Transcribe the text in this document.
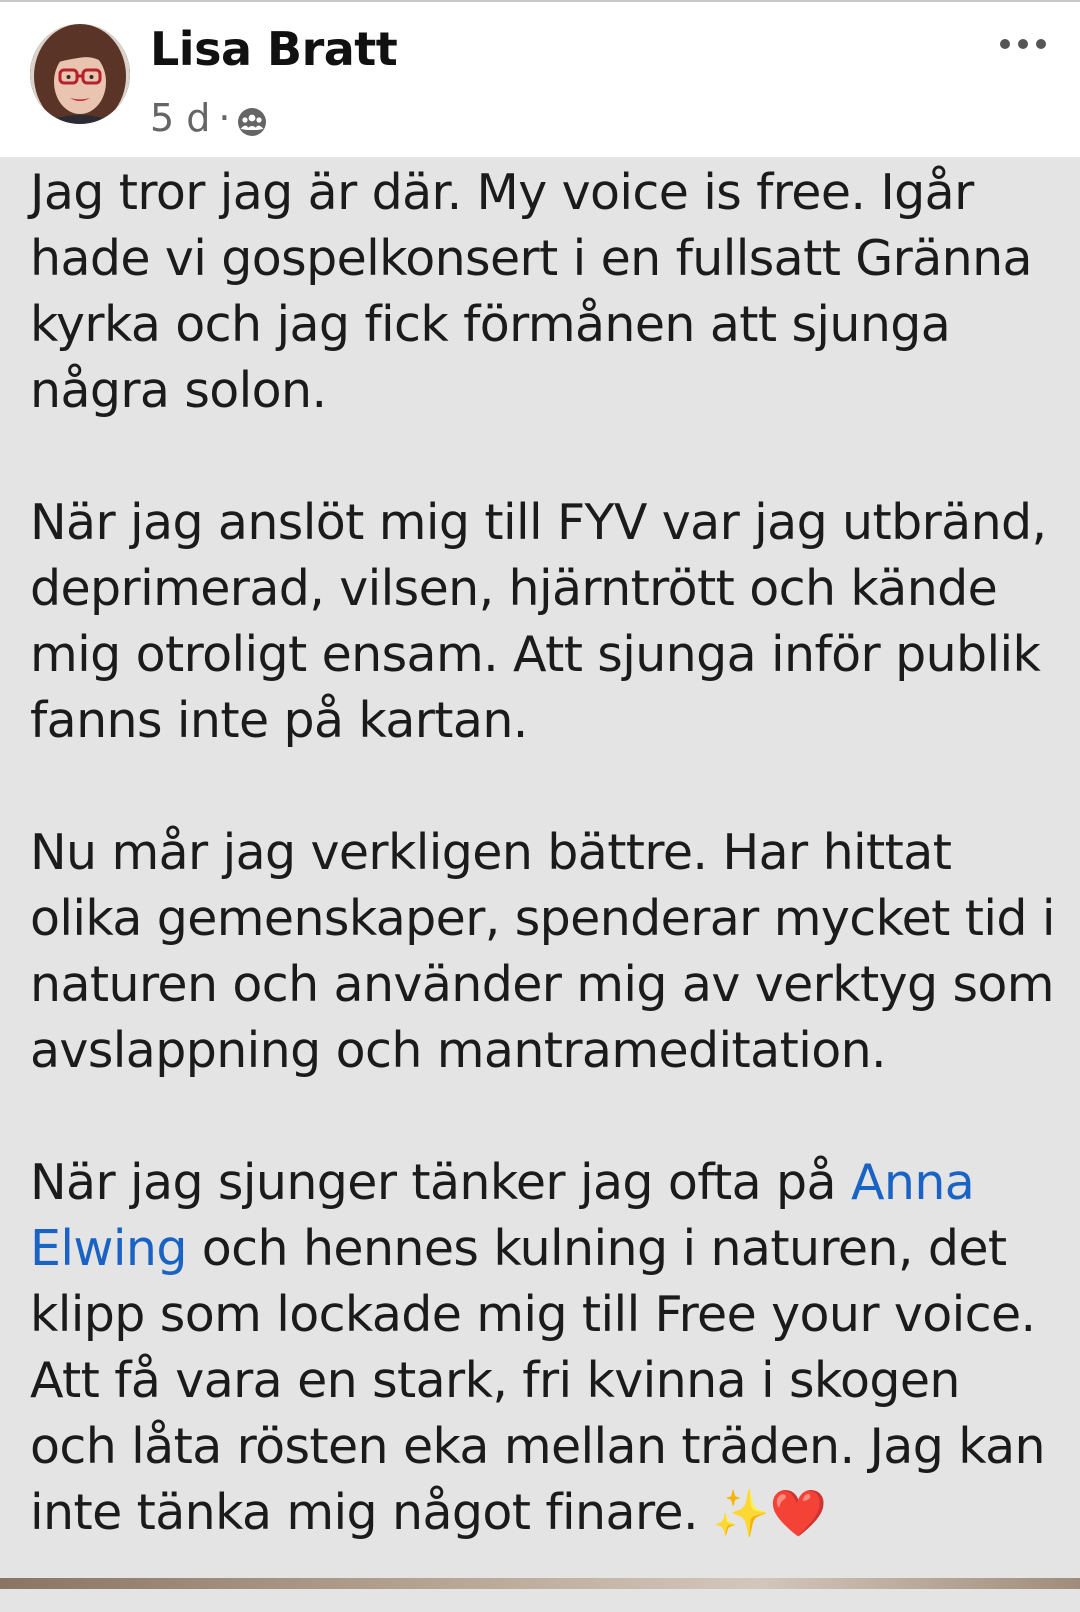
Lisa Bratt
5 d ·

Jag tror jag är där. My voice is free. Igår hade vi gospelkonsert i en fullsatt Gränna kyrka och jag fick förmånen att sjunga några solon.

När jag anslöt mig till FYV var jag utbränd, deprimerad, vilsen, hjärntrött och kände mig otroligt ensam. Att sjunga inför publik fanns inte på kartan.

Nu mår jag verkligen bättre. Har hittat olika gemenskaper, spenderar mycket tid i naturen och använder mig av verktyg som avslappning och mantrameditation.

När jag sjunger tänker jag ofta på Anna Elwing och hennes kulning i naturen, det klipp som lockade mig till Free your voice. Att få vara en stark, fri kvinna i skogen och låta rösten eka mellan träden. Jag kan inte tänka mig något finare. ✨❤️
